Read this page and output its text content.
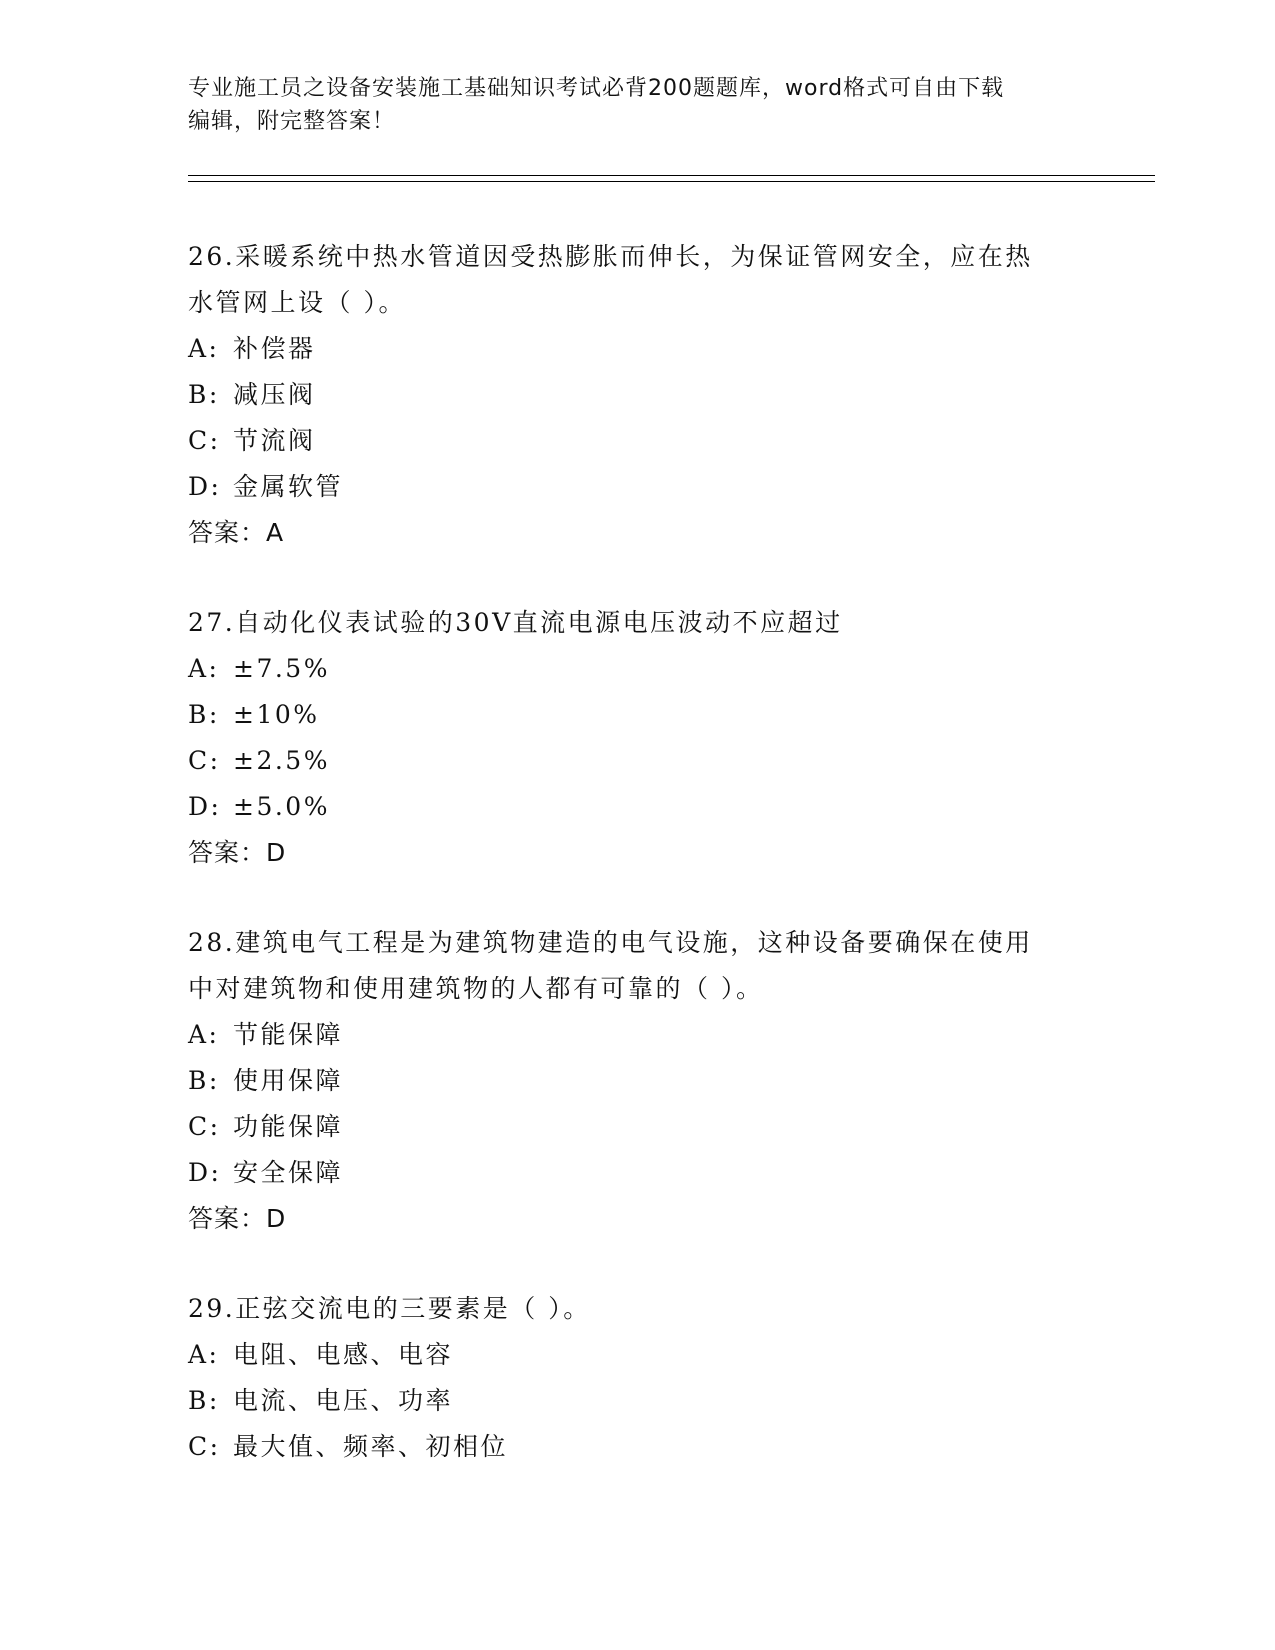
专业施工员之设备安装施工基础知识考试必背200题题库，word格式可自由下载
编辑，附完整答案！
26.采暖系统中热水管道因受热膨胀而伸长，为保证管网安全，应在热
水管网上设（ ）。
A: 补偿器
B: 减压阀
C: 节流阀
D: 金属软管
答案：A
27.自动化仪表试验的30V直流电源电压波动不应超过
A: ±7.5%
B: ±10%
C: ±2.5%
D: ±5.0%
答案：D
28.建筑电气工程是为建筑物建造的电气设施，这种设备要确保在使用
中对建筑物和使用建筑物的人都有可靠的（ ）。
A: 节能保障
B: 使用保障
C: 功能保障
D: 安全保障
答案：D
29.正弦交流电的三要素是（ ）。
A: 电阻、电感、电容
B: 电流、电压、功率
C: 最大值、频率、初相位
